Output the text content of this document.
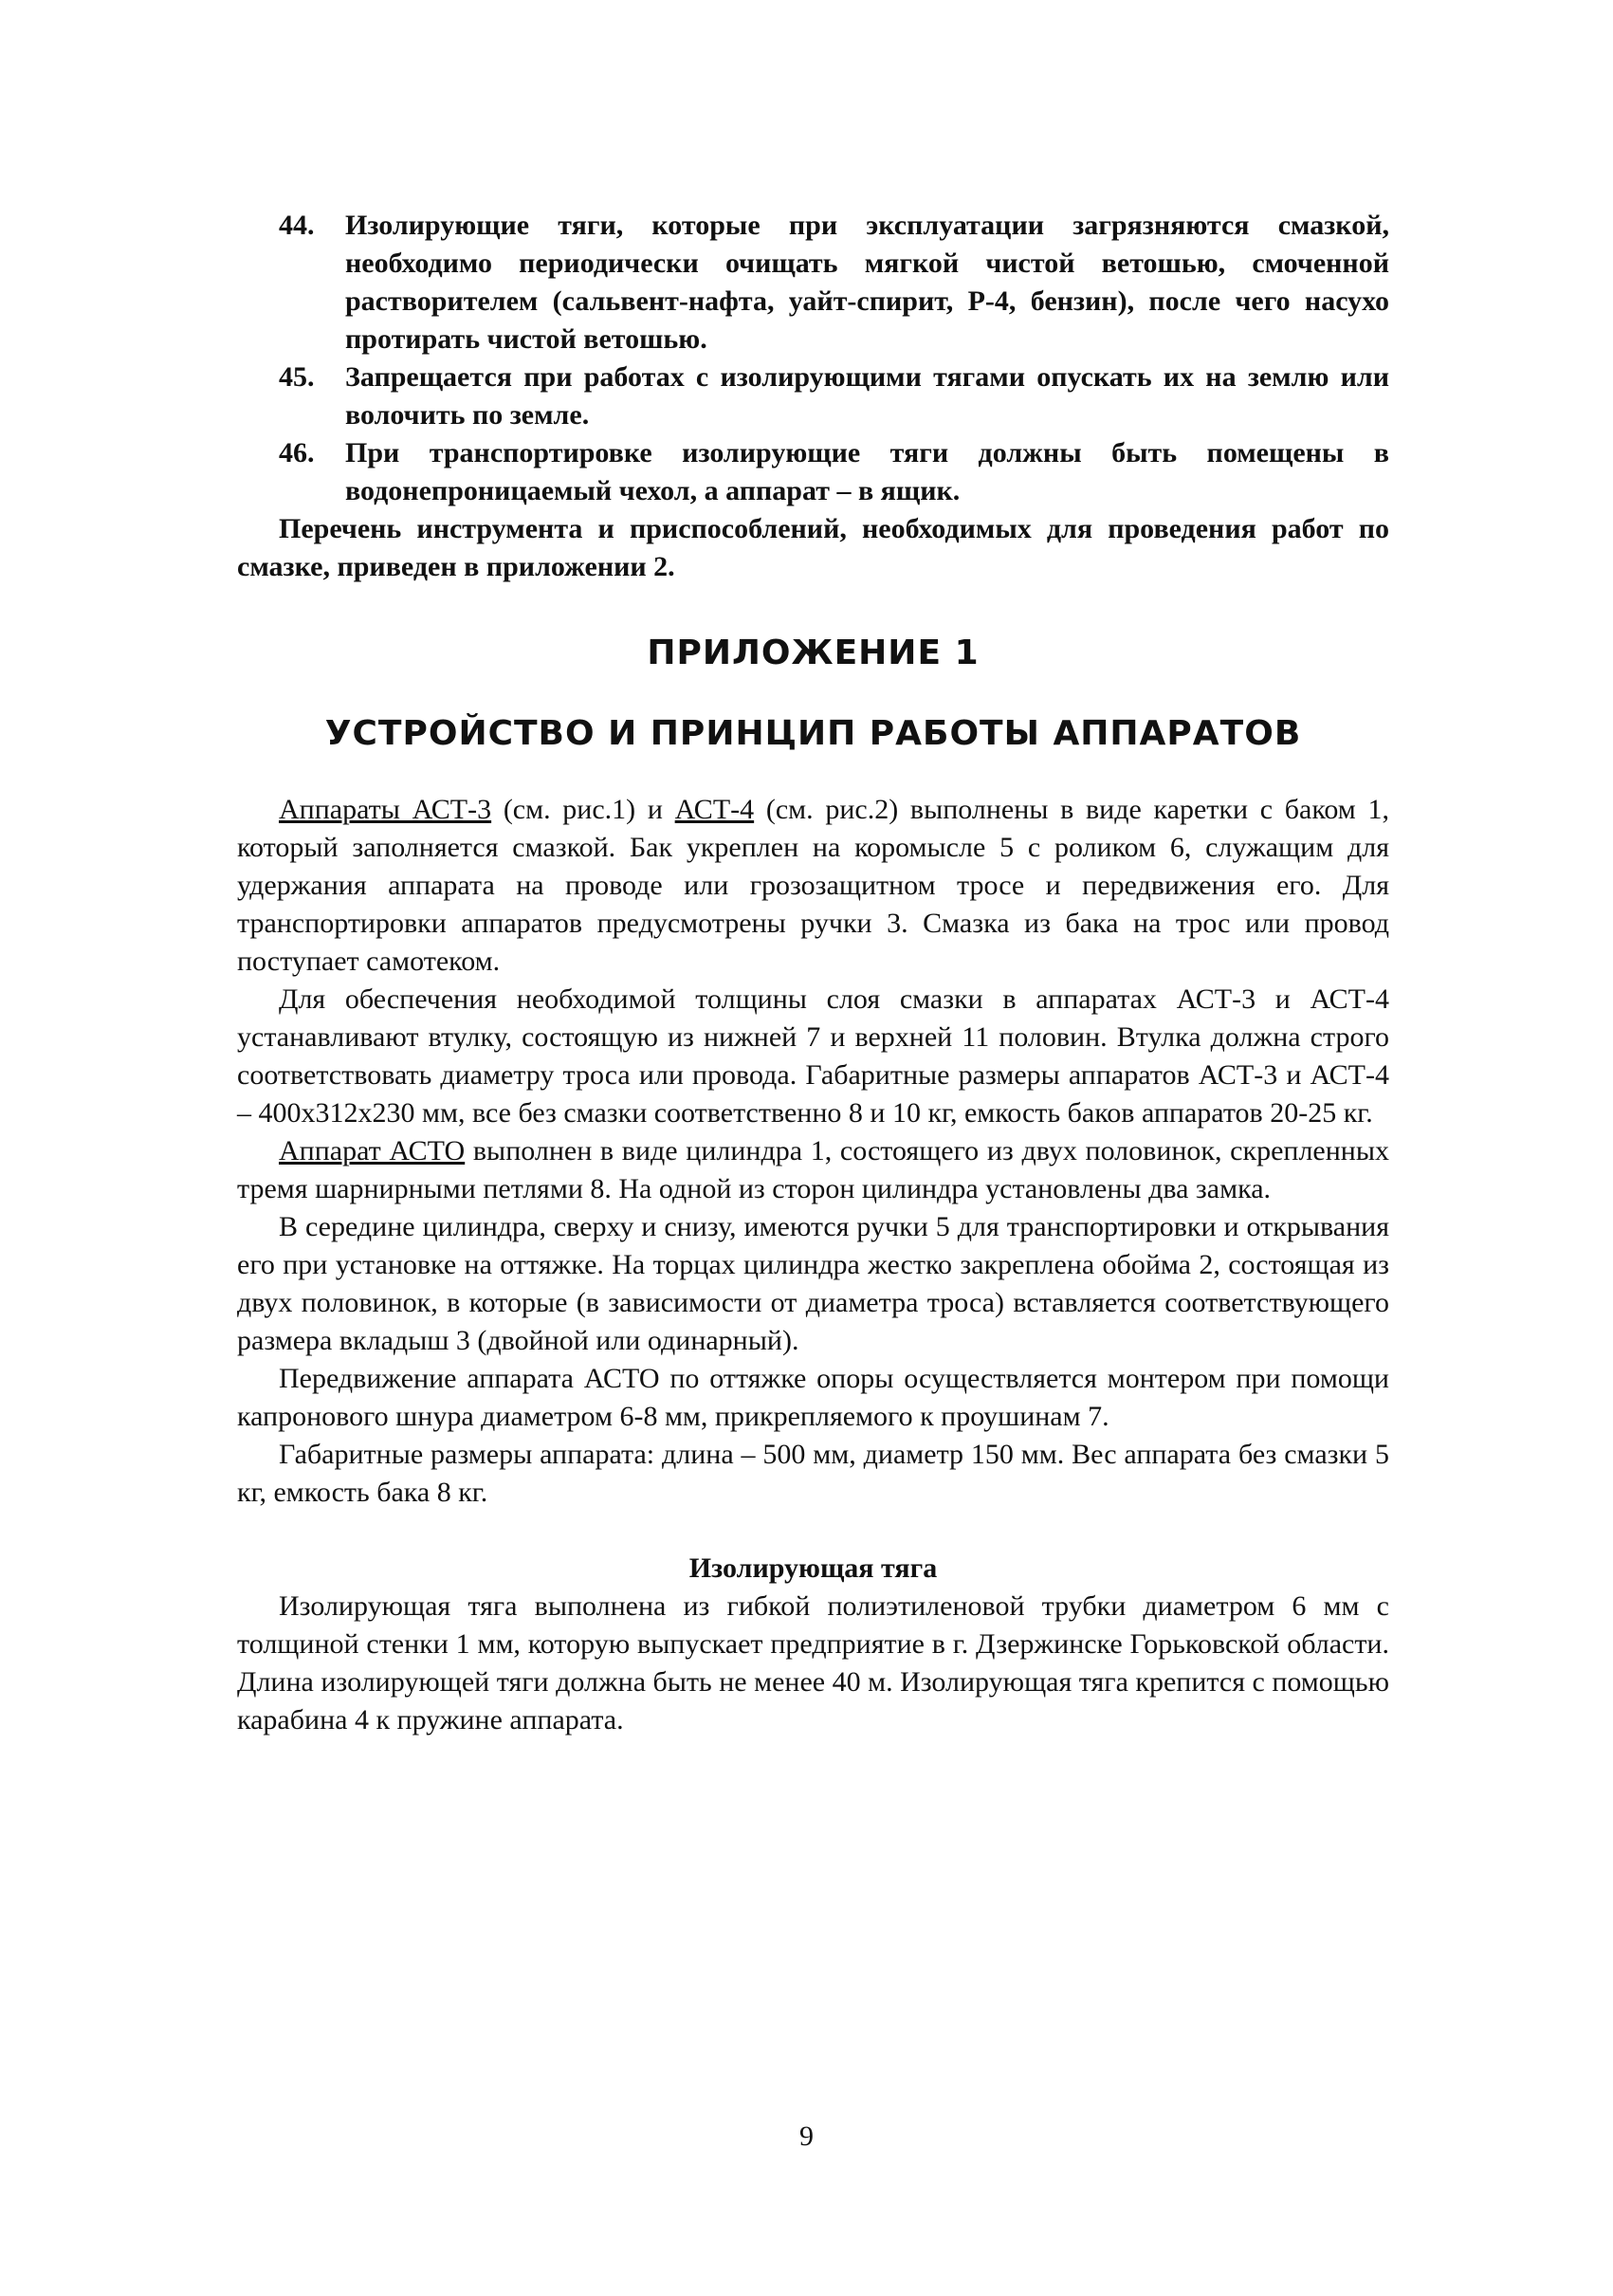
44.	Изолирующие тяги, которые при эксплуатации загрязняются смазкой, необходимо периодически очищать мягкой чистой ветошью, смоченной растворителем (сальвент-нафта, уайт-спирит, Р-4, бензин), после чего насухо протирать чистой ветошью.
45.	Запрещается при работах с изолирующими тягами опускать их на землю или волочить по земле.
46.	При транспортировке изолирующие тяги должны быть помещены в водонепроницаемый чехол, а аппарат – в ящик.

Перечень инструмента и приспособлений, необходимых для проведения работ по смазке, приведен в приложении 2.

ПРИЛОЖЕНИЕ 1
УСТРОЙСТВО И ПРИНЦИП РАБОТЫ АППАРАТОВ

Аппараты АСТ-3 (см. рис.1) и АСТ-4 (см. рис.2) выполнены в виде каретки с баком 1, который заполняется смазкой. Бак укреплен на коромысле 5 с роликом 6, служащим для удержания аппарата на проводе или грозозащитном тросе и передвижения его. Для транспортировки аппаратов предусмотрены ручки 3. Смазка из бака на трос или провод поступает самотеком.

Для обеспечения необходимой толщины слоя смазки в аппаратах АСТ-3 и АСТ-4 устанавливают втулку, состоящую из нижней 7 и верхней 11 половин. Втулка должна строго соответствовать диаметру троса или провода. Габаритные размеры аппаратов АСТ-3 и АСТ-4 – 400х312х230 мм, все без смазки соответственно 8 и 10 кг, емкость баков аппаратов 20-25 кг.

Аппарат АСТО выполнен в виде цилиндра 1, состоящего из двух половинок, скрепленных тремя шарнирными петлями 8. На одной из сторон цилиндра установлены два замка.

В середине цилиндра, сверху и снизу, имеются ручки 5 для транспортировки и открывания его при установке на оттяжке. На торцах цилиндра жестко закреплена обойма 2, состоящая из двух половинок, в которые (в зависимости от диаметра троса) вставляется соответствующего размера вкладыш 3 (двойной или одинарный).

Передвижение аппарата АСТО по оттяжке опоры осуществляется монтером при помощи капронового шнура диаметром 6-8 мм, прикрепляемого к проушинам 7.

Габаритные размеры аппарата: длина – 500 мм, диаметр 150 мм. Вес аппарата без смазки 5 кг, емкость бака 8 кг.

Изолирующая тяга

Изолирующая тяга выполнена из гибкой полиэтиленовой трубки диаметром 6 мм с толщиной стенки 1 мм, которую выпускает предприятие в г. Дзержинске Горьковской области. Длина изолирующей тяги должна быть не менее 40 м. Изолирующая тяга крепится с помощью карабина 4 к пружине аппарата.

9
